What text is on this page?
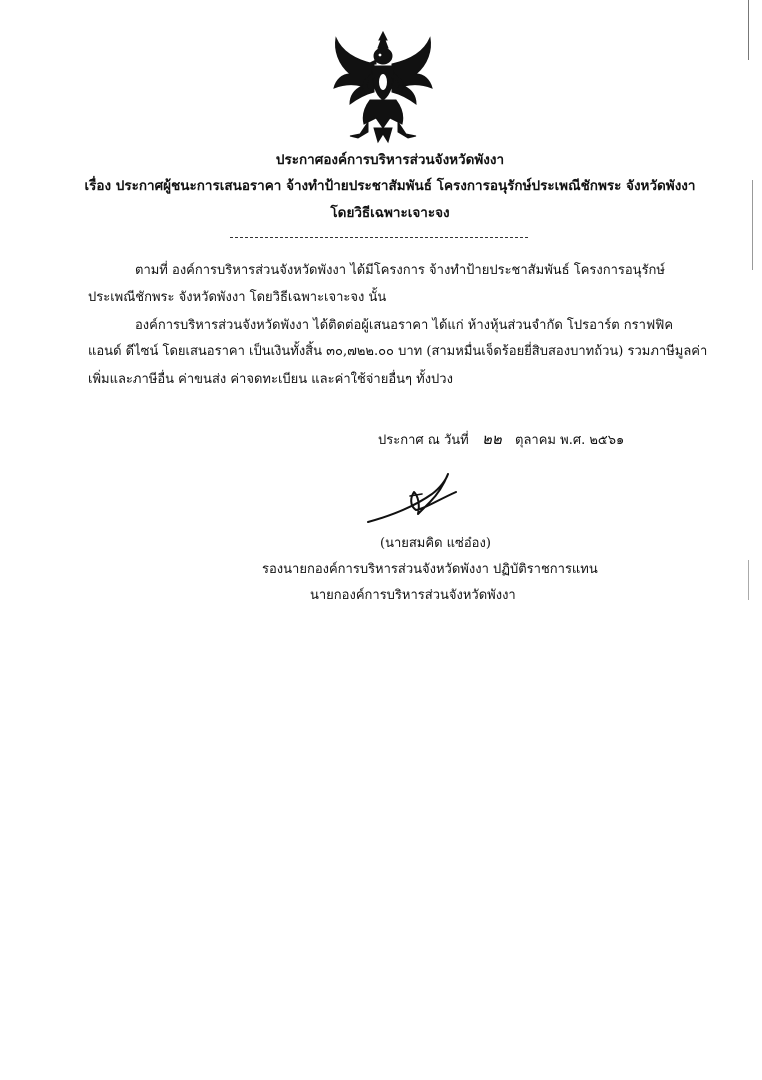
ประกาศองค์การบริหารส่วนจังหวัดพังงา
เรื่อง ประกาศผู้ชนะการเสนอราคา จ้างทำป้ายประชาสัมพันธ์ โครงการอนุรักษ์ประเพณีชักพระ จังหวัดพังงา
โดยวิธีเฉพาะเจาะจง
ตามที่ องค์การบริหารส่วนจังหวัดพังงา ได้มีโครงการ จ้างทำป้ายประชาสัมพันธ์ โครงการอนุรักษ์
ประเพณีชักพระ จังหวัดพังงา โดยวิธีเฉพาะเจาะจง นั้น
องค์การบริหารส่วนจังหวัดพังงา ได้ติดต่อผู้เสนอราคา ได้แก่ ห้างหุ้นส่วนจำกัด โปรอาร์ต กราฟฟิค
แอนด์ ดีไซน์ โดยเสนอราคา เป็นเงินทั้งสิ้น ๓๐,๗๒๒.๐๐ บาท (สามหมื่นเจ็ดร้อยยี่สิบสองบาทถ้วน) รวมภาษีมูลค่า
เพิ่มและภาษีอื่น ค่าขนส่ง ค่าจดทะเบียน และค่าใช้จ่ายอื่นๆ ทั้งปวง
ประกาศ ณ วันที่ ๒๒ ตุลาคม พ.ศ. ๒๕๖๑
(นายสมคิด แซ่อ๋อง)
รองนายกองค์การบริหารส่วนจังหวัดพังงา ปฏิบัติราชการแทน
นายกองค์การบริหารส่วนจังหวัดพังงา
